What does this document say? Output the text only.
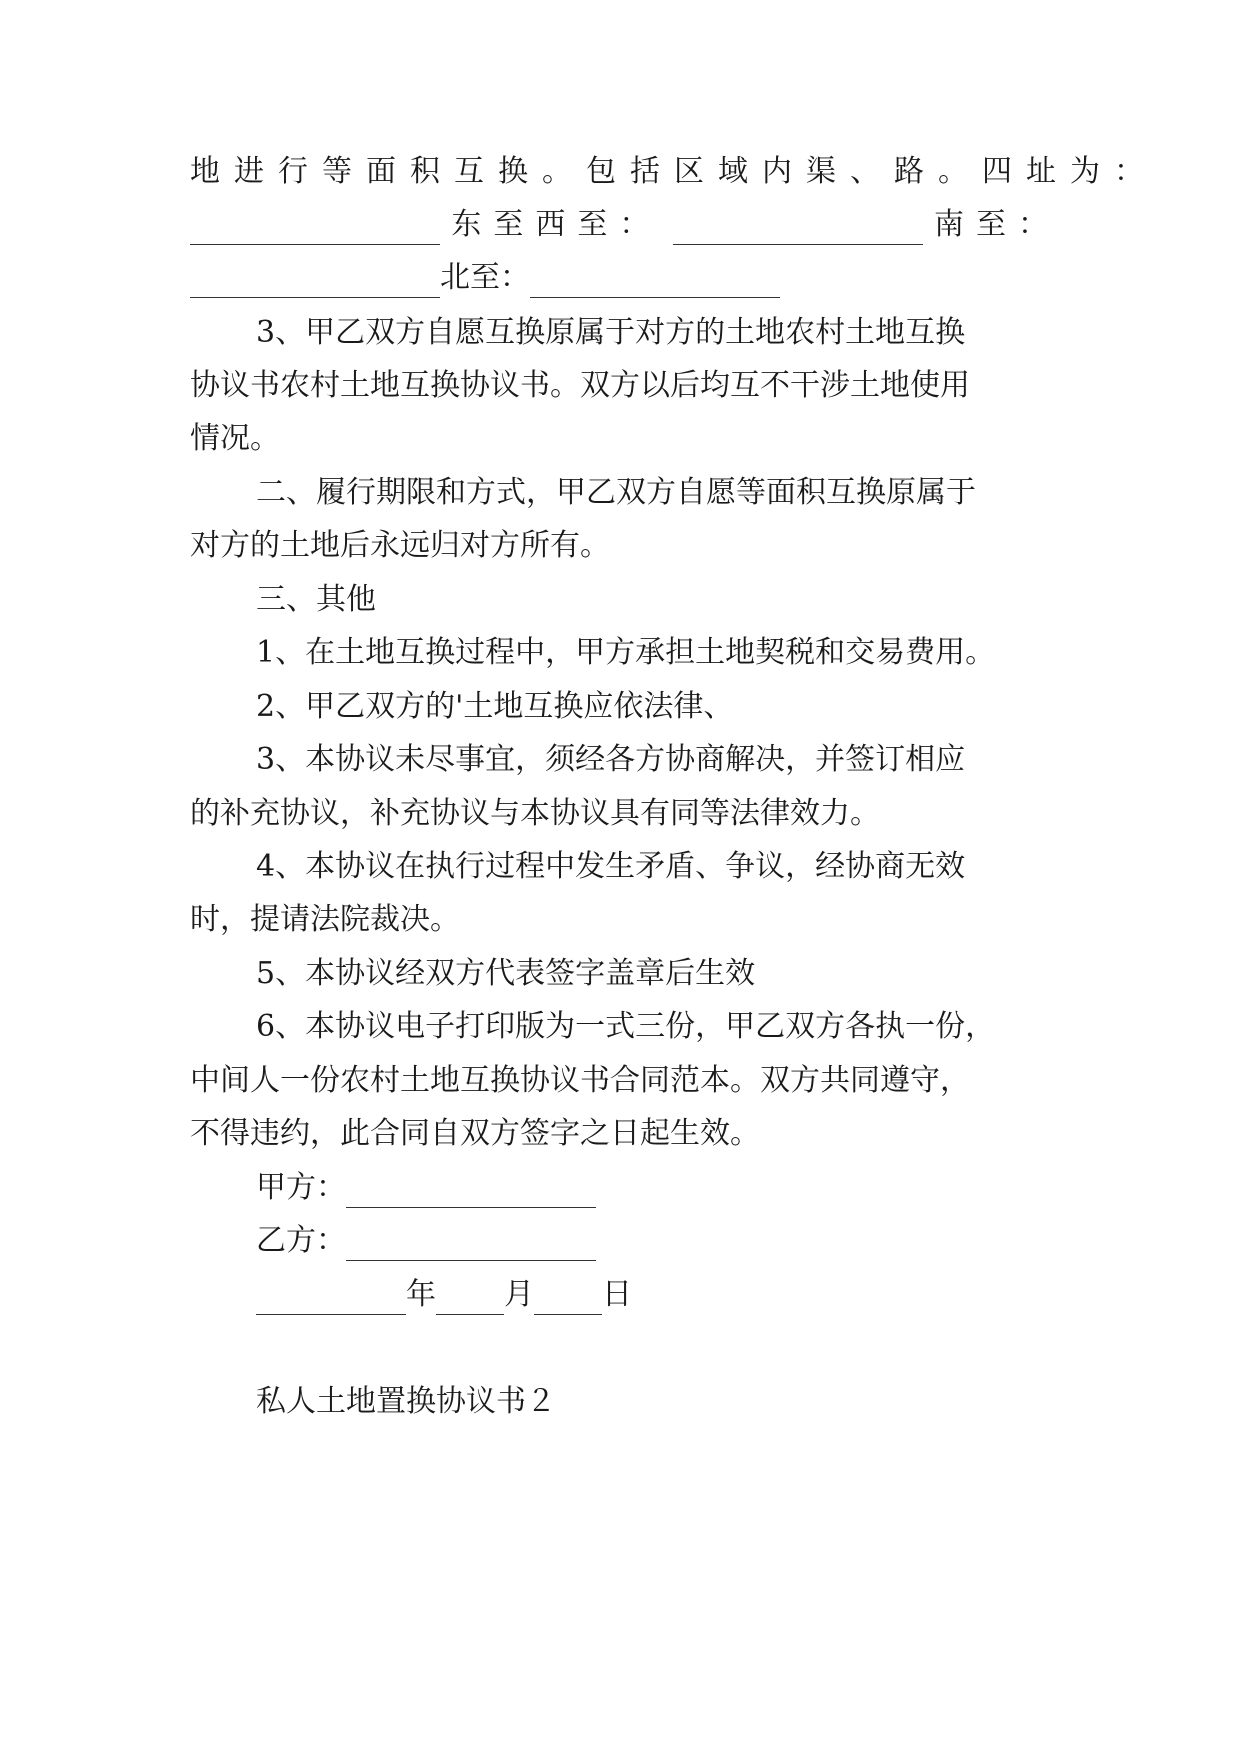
地进行等面积互换。包括区域内渠、路。四址为：
东至西至：	南至：
北至：
3、甲乙双方自愿互换原属于对方的土地农村土地互换
协议书农村土地互换协议书。双方以后均互不干涉土地使用
情况。
二、履行期限和方式，甲乙双方自愿等面积互换原属于
对方的土地后永远归对方所有。
三、其他
1、在土地互换过程中，甲方承担土地契税和交易费用。
2、甲乙双方的'土地互换应依法律、
3、本协议未尽事宜，须经各方协商解决，并签订相应
的补充协议，补充协议与本协议具有同等法律效力。
4、本协议在执行过程中发生矛盾、争议，经协商无效
时，提请法院裁决。
5、本协议经双方代表签字盖章后生效
6、本协议电子打印版为一式三份，甲乙双方各执一份，
中间人一份农村土地互换协议书合同范本。双方共同遵守，
不得违约，此合同自双方签字之日起生效。
甲方：
乙方：
年 月 日
私人土地置换协议书２
